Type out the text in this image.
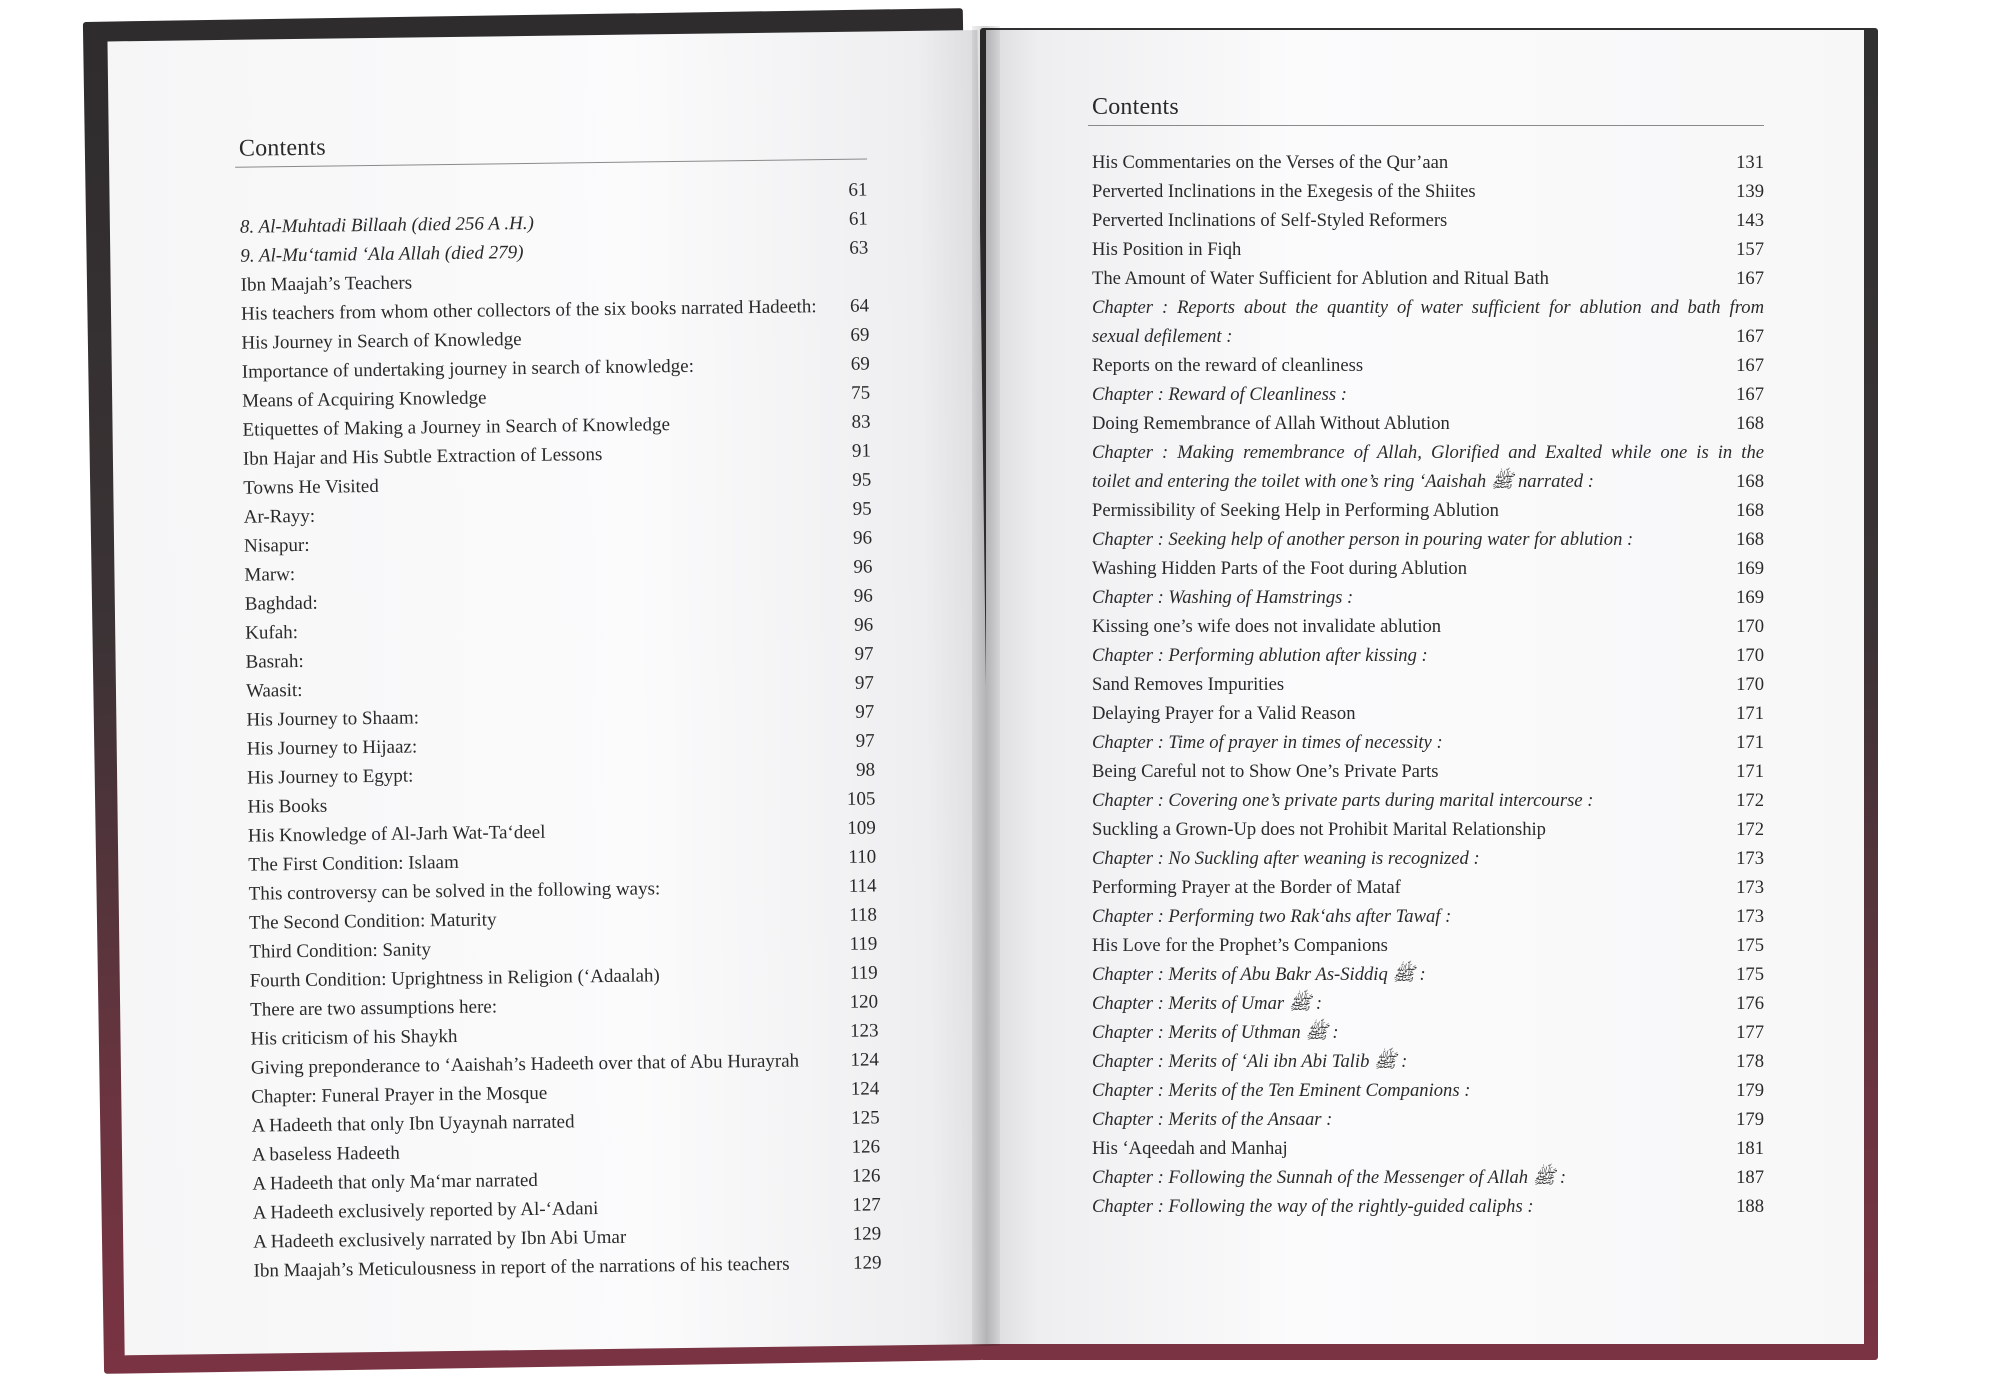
Contents
61
8. Al-Muhtadi Billaah (died 256 A .H.)	61
9. Al-Mu‘tamid ‘Ala Allah (died 279)	63
Ibn Maajah’s Teachers
His teachers from whom other collectors of the six books narrated Hadeeth:	64
His Journey in Search of Knowledge	69
Importance of undertaking journey in search of knowledge:	69
Means of Acquiring Knowledge	75
Etiquettes of Making a Journey in Search of Knowledge	83
Ibn Hajar and His Subtle Extraction of Lessons	91
Towns He Visited	95
Ar-Rayy:	95
Nisapur:	96
Marw:	96
Baghdad:	96
Kufah:	96
Basrah:	97
Waasit:	97
His Journey to Shaam:	97
His Journey to Hijaaz:	97
His Journey to Egypt:	98
His Books	105
His Knowledge of Al-Jarh Wat-Ta‘deel	109
The First Condition: Islaam	110
This controversy can be solved in the following ways:	114
The Second Condition: Maturity	118
Third Condition: Sanity	119
Fourth Condition: Uprightness in Religion (‘Adaalah)	119
There are two assumptions here:	120
His criticism of his Shaykh	123
Giving preponderance to ‘Aaishah’s Hadeeth over that of Abu Hurayrah	124
Chapter: Funeral Prayer in the Mosque	124
A Hadeeth that only Ibn Uyaynah narrated	125
A baseless Hadeeth	126
A Hadeeth that only Ma‘mar narrated	126
A Hadeeth exclusively reported by Al-‘Adani	127
A Hadeeth exclusively narrated by Ibn Abi Umar	129
Ibn Maajah’s Meticulousness in report of the narrations of his teachers	129
Contents
His Commentaries on the Verses of the Qur’aan	131
Perverted Inclinations in the Exegesis of the Shiites	139
Perverted Inclinations of Self-Styled Reformers	143
His Position in Fiqh	157
The Amount of Water Sufficient for Ablution and Ritual Bath	167
Chapter : Reports about the quantity of water sufficient for ablution and bath from
sexual defilement :	167
Reports on the reward of cleanliness	167
Chapter : Reward of Cleanliness :	167
Doing Remembrance of Allah Without Ablution	168
Chapter : Making remembrance of Allah, Glorified and Exalted while one is in the
toilet and entering the toilet with one’s ring ‘Aaishah ﷺ narrated :	168
Permissibility of Seeking Help in Performing Ablution	168
Chapter : Seeking help of another person in pouring water for ablution :	168
Washing Hidden Parts of the Foot during Ablution	169
Chapter : Washing of Hamstrings :	169
Kissing one’s wife does not invalidate ablution	170
Chapter : Performing ablution after kissing :	170
Sand Removes Impurities	170
Delaying Prayer for a Valid Reason	171
Chapter : Time of prayer in times of necessity :	171
Being Careful not to Show One’s Private Parts	171
Chapter : Covering one’s private parts during marital intercourse :	172
Suckling a Grown-Up does not Prohibit Marital Relationship	172
Chapter : No Suckling after weaning is recognized :	173
Performing Prayer at the Border of Mataf	173
Chapter : Performing two Rak‘ahs after Tawaf :	173
His Love for the Prophet’s Companions	175
Chapter : Merits of Abu Bakr As-Siddiq ﷺ :	175
Chapter : Merits of Umar ﷺ :	176
Chapter : Merits of Uthman ﷺ :	177
Chapter : Merits of ‘Ali ibn Abi Talib ﷺ :	178
Chapter : Merits of the Ten Eminent Companions :	179
Chapter : Merits of the Ansaar :	179
His ‘Aqeedah and Manhaj	181
Chapter : Following the Sunnah of the Messenger of Allah ﷺ :	187
Chapter : Following the way of the rightly-guided caliphs :	188
